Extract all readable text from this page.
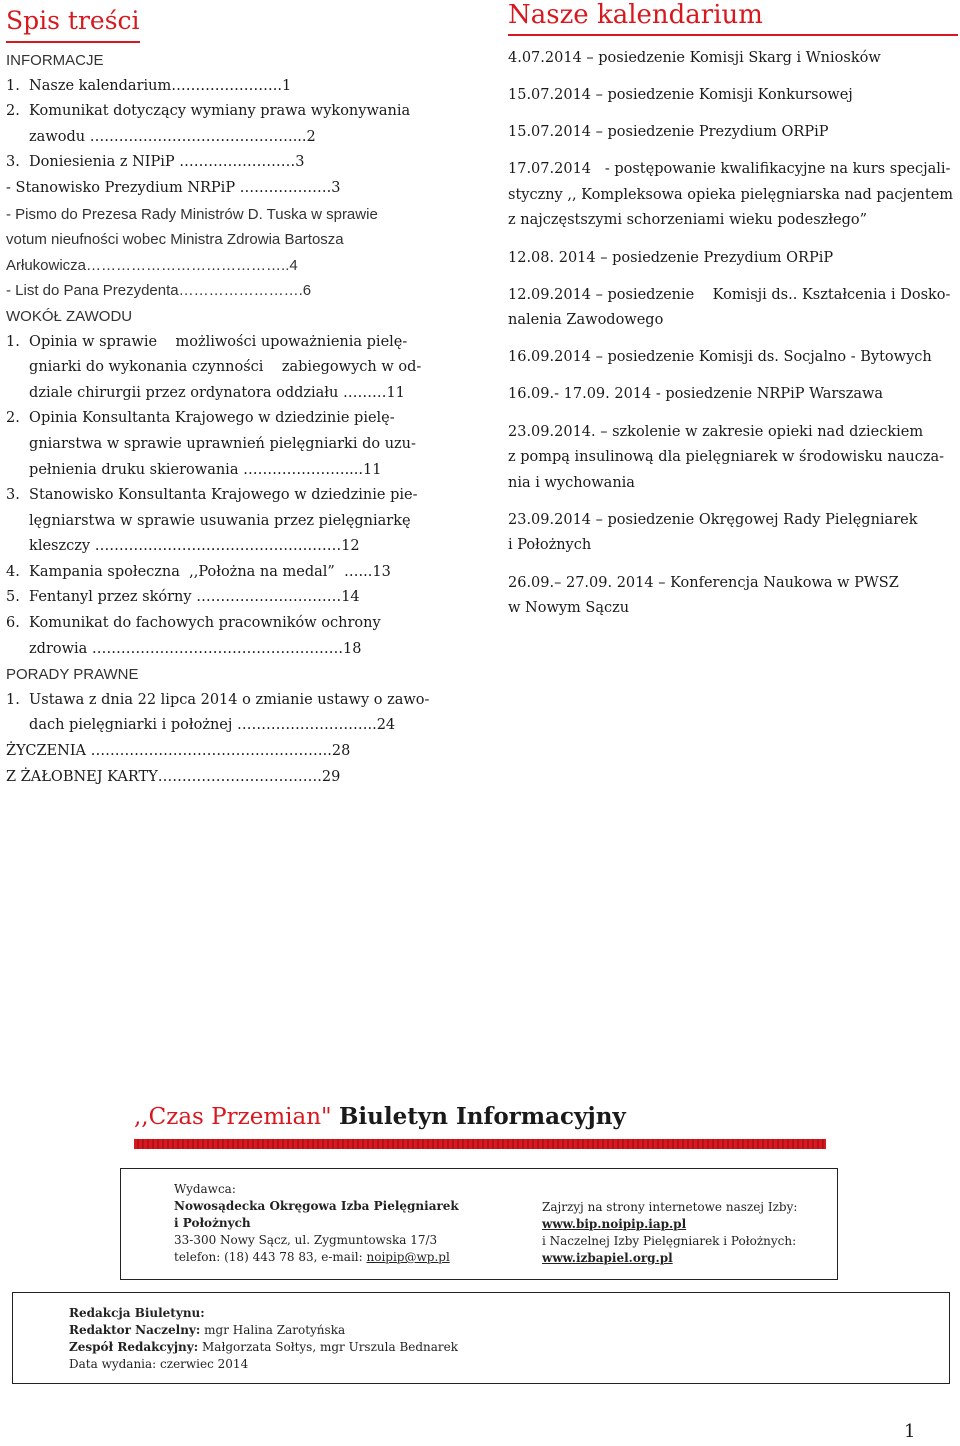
Spis treści
INFORMACJE
1.  Nasze kalendarium…………………..1
2.  Komunikat dotyczący wymiany prawa wykonywania
zawodu ……………………………………...2
3.  Doniesienia z NIPiP ……………………3
- Stanowisko Prezydium NRPiP ……………….3
- Pismo do Prezesa Rady Ministrów D. Tuska w sprawie
votum nieufności wobec Ministra Zdrowia Bartosza
Arłukowicza…………………………………..4
- List do Pana Prezydenta…………………….6
WOKÓŁ ZAWODU
1.  Opinia w sprawie    możliwości upoważnienia pielę-
gniarki do wykonania czynności    zabiegowych w od-
dziale chirurgii przez ordynatora oddziału ………11
2.  Opinia Konsultanta Krajowego w dziedzinie pielę-
gniarstwa w sprawie uprawnień pielęgniarki do uzu-
pełnienia druku skierowania …………………....11
3.  Stanowisko Konsultanta Krajowego w dziedzinie pie-
lęgniarstwa w sprawie usuwania przez pielęgniarkę
kleszczy ……………………………………………12
4.  Kampania społeczna  ,,Położna na medal”  …...13
5.  Fentanyl przez skórny …………………………14
6.  Komunikat do fachowych pracowników ochrony
zdrowia …………………………………………….18
PORADY PRAWNE
1.  Ustawa z dnia 22 lipca 2014 o zmianie ustawy o zawo-
dach pielęgniarki i położnej ………………………..24
ŻYCZENIA …………………………………………..28
Z ŻAŁOBNEJ KARTY…………………………….29
Nasze kalendarium
4.07.2014 – posiedzenie Komisji Skarg i Wniosków
15.07.2014 – posiedzenie Komisji Konkursowej
15.07.2014 – posiedzenie Prezydium ORPiP
17.07.2014   - postępowanie kwalifikacyjne na kurs specjali-
styczny ,, Kompleksowa opieka pielęgniarska nad pacjentem
z najczęstszymi schorzeniami wieku podeszłego”
12.08. 2014 – posiedzenie Prezydium ORPiP
12.09.2014 – posiedzenie    Komisji ds.. Kształcenia i Dosko-
nalenia Zawodowego
16.09.2014 – posiedzenie Komisji ds. Socjalno - Bytowych
16.09.- 17.09. 2014 - posiedzenie NRPiP Warszawa
23.09.2014. – szkolenie w zakresie opieki nad dzieckiem
z pompą insulinową dla pielęgniarek w środowisku naucza-
nia i wychowania
23.09.2014 – posiedzenie Okręgowej Rady Pielęgniarek
i Położnych
26.09.– 27.09. 2014 – Konferencja Naukowa w PWSZ
w Nowym Sączu
,,Czas Przemian" Biuletyn Informacyjny
Wydawca:
Nowosądecka Okręgowa Izba Pielęgniarek
i Położnych
33-300 Nowy Sącz, ul. Zygmuntowska 17/3
telefon: (18) 443 78 83, e-mail: noipip@wp.pl
Zajrzyj na strony internetowe naszej Izby:
www.bip.noipip.iap.pl
i Naczelnej Izby Pielęgniarek i Położnych:
www.izbapiel.org.pl
Redakcja Biuletynu:
Redaktor Naczelny: mgr Halina Zarotyńska
Zespół Redakcyjny: Małgorzata Sołtys, mgr Urszula Bednarek
Data wydania: czerwiec 2014
1
